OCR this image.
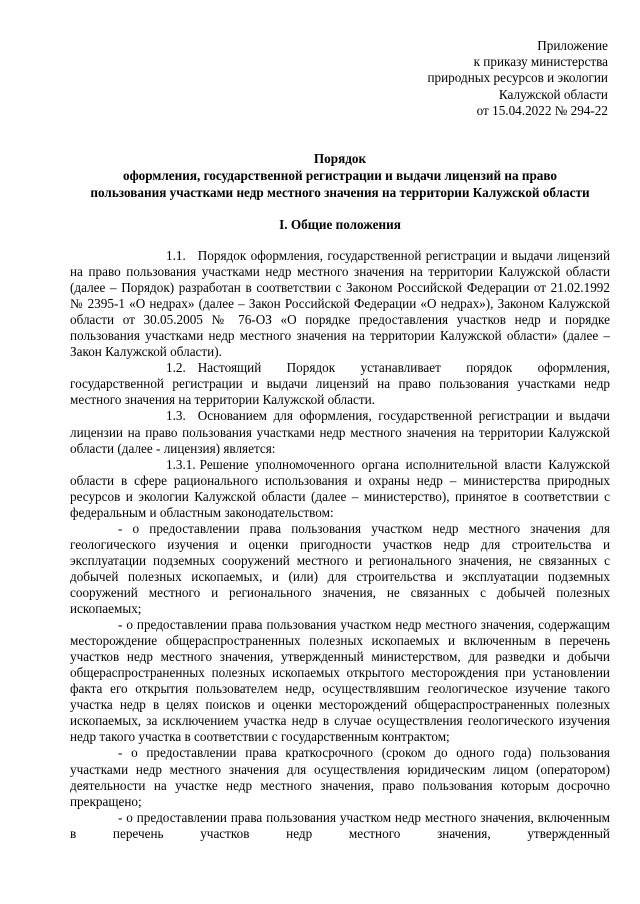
Приложение
к приказу министерства
природных ресурсов и экологии
Калужской области
от 15.04.2022 № 294-22
Порядок
оформления, государственной регистрации и выдачи лицензий на право
пользования участками недр местного значения на территории Калужской области
I. Общие положения

1.1. Порядок оформления, государственной регистрации и выдачи лицензий на право пользования участками недр местного значения на территории Калужской области (далее – Порядок) разработан в соответствии с Законом Российской Федерации от 21.02.1992 № 2395-1 «О недрах» (далее – Закон Российской Федерации «О недрах»), Законом Калужской области от 30.05.2005 № 76-ОЗ «О порядке предоставления участков недр и порядке пользования участками недр местного значения на территории Калужской области» (далее – Закон Калужской области).

1.2. Настоящий Порядок устанавливает порядок оформления, государственной регистрации и выдачи лицензий на право пользования участками недр местного значения на территории Калужской области.

1.3. Основанием для оформления, государственной регистрации и выдачи лицензии на право пользования участками недр местного значения на территории Калужской области (далее - лицензия) является:

1.3.1. Решение уполномоченного органа исполнительной власти Калужской области в сфере рационального использования и охраны недр – министерства природных ресурсов и экологии Калужской области (далее – министерство), принятое в соответствии с федеральным и областным законодательством:

- о предоставлении права пользования участком недр местного значения для геологического изучения и оценки пригодности участков недр для строительства и эксплуатации подземных сооружений местного и регионального значения, не связанных с добычей полезных ископаемых, и (или) для строительства и эксплуатации подземных сооружений местного и регионального значения, не связанных с добычей полезных ископаемых;

- о предоставлении права пользования участком недр местного значения, содержащим месторождение общераспространенных полезных ископаемых и включенным в перечень участков недр местного значения, утвержденный министерством, для разведки и добычи общераспространенных полезных ископаемых открытого месторождения при установлении факта его открытия пользователем недр, осуществлявшим геологическое изучение такого участка недр в целях поисков и оценки месторождений общераспространенных полезных ископаемых, за исключением участка недр в случае осуществления геологического изучения недр такого участка в соответствии с государственным контрактом;

- о предоставлении права краткосрочного (сроком до одного года) пользования участками недр местного значения для осуществления юридическим лицом (оператором) деятельности на участке недр местного значения, право пользования которым досрочно прекращено;

- о предоставлении права пользования участком недр местного значения, включенным в перечень участков недр местного значения, утвержденный
